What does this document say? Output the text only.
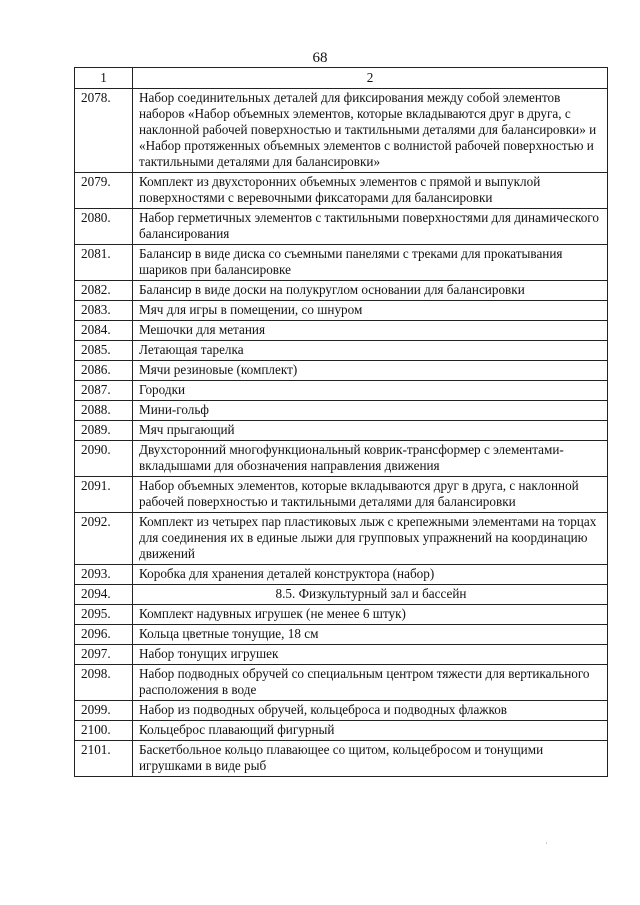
68
1	2
2078.	Набор соединительных деталей для фиксирования между собой элементов наборов «Набор объемных элементов, которые вкладываются друг в друга, с наклонной рабочей поверхностью и тактильными деталями для балансировки» и «Набор протяженных объемных элементов с волнистой рабочей поверхностью и тактильными деталями для балансировки»
2079.	Комплект из двухсторонних объемных элементов с прямой и выпуклой поверхностями с веревочными фиксаторами для балансировки
2080.	Набор герметичных элементов с тактильными поверхностями для динамического балансирования
2081.	Балансир в виде диска со съемными панелями с треками для прокатывания шариков при балансировке
2082.	Балансир в виде доски на полукруглом основании для балансировки
2083.	Мяч для игры в помещении, со шнуром
2084.	Мешочки для метания
2085.	Летающая тарелка
2086.	Мячи резиновые (комплект)
2087.	Городки
2088.	Мини-гольф
2089.	Мяч прыгающий
2090.	Двухсторонний многофункциональный коврик-трансформер с элементами-вкладышами для обозначения направления движения
2091.	Набор объемных элементов, которые вкладываются друг в друга, с наклонной рабочей поверхностью и тактильными деталями для балансировки
2092.	Комплект из четырех пар пластиковых лыж с крепежными элементами на торцах для соединения их в единые лыжи для групповых упражнений на координацию движений
2093.	Коробка для хранения деталей конструктора (набор)
2094.	8.5. Физкультурный зал и бассейн
2095.	Комплект надувных игрушек (не менее 6 штук)
2096.	Кольца цветные тонущие, 18 см
2097.	Набор тонущих игрушек
2098.	Набор подводных обручей со специальным центром тяжести для вертикального расположения в воде
2099.	Набор из подводных обручей, кольцеброса и подводных флажков
2100.	Кольцеброс плавающий фигурный
2101.	Баскетбольное кольцо плавающее со щитом, кольцебросом и тонущими игрушками в виде рыб
·
